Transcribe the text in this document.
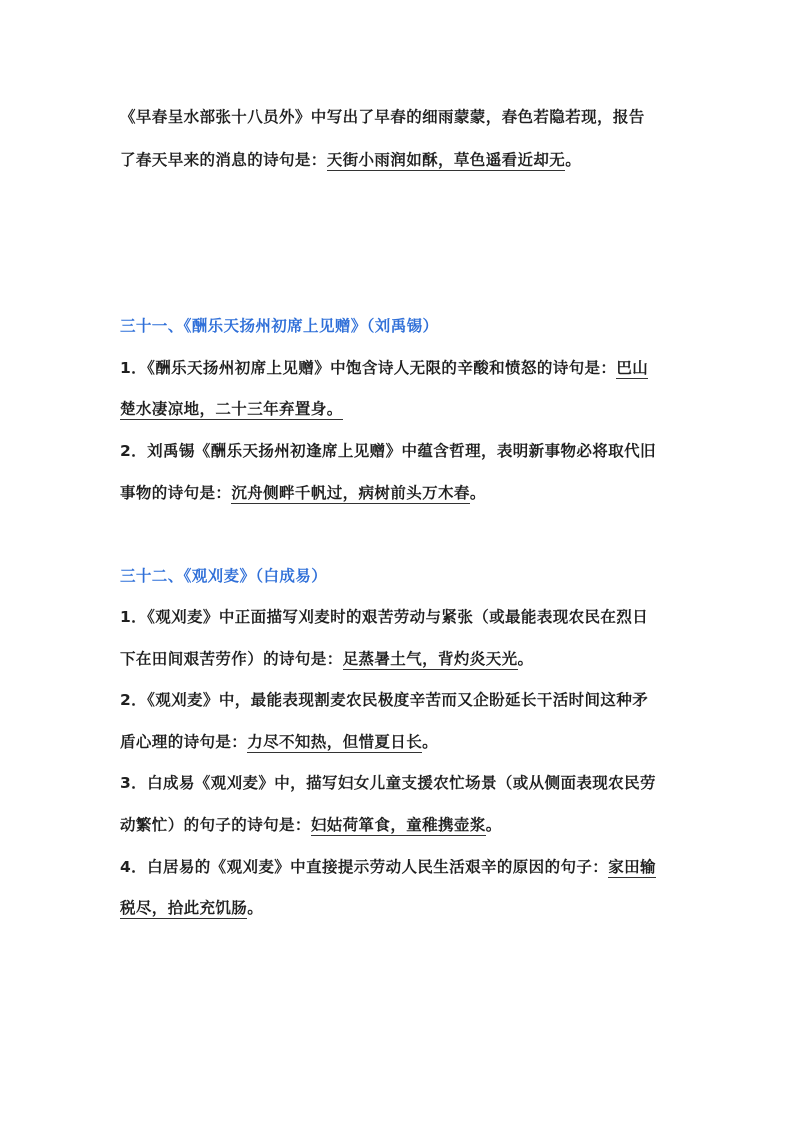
《早春呈水部张十八员外》中写出了早春的细雨蒙蒙，春色若隐若现，报告
了春天早来的消息的诗句是：天街小雨润如酥，草色遥看近却无。
三十一、《酬乐天扬州初席上见赠》（刘禹锡）
1．《酬乐天扬州初席上见赠》中饱含诗人无限的辛酸和愤怒的诗句是：巴山
楚水凄凉地，二十三年弃置身。
2．刘禹锡《酬乐天扬州初逢席上见赠》中蕴含哲理，表明新事物必将取代旧
事物的诗句是：沉舟侧畔千帆过，病树前头万木春。
三十二、《观刈麦》（白成易）
1．《观刈麦》中正面描写刈麦时的艰苦劳动与紧张（或最能表现农民在烈日
下在田间艰苦劳作）的诗句是：足蒸暑土气，背灼炎天光。
2．《观刈麦》中，最能表现割麦农民极度辛苦而又企盼延长干活时间这种矛
盾心理的诗句是：力尽不知热，但惜夏日长。
3．白成易《观刈麦》中，描写妇女儿童支援农忙场景（或从侧面表现农民劳
动繁忙）的句子的诗句是：妇姑荷箪食，童稚携壶浆。
4．白居易的《观刈麦》中直接提示劳动人民生活艰辛的原因的句子：家田输
税尽，拾此充饥肠。
